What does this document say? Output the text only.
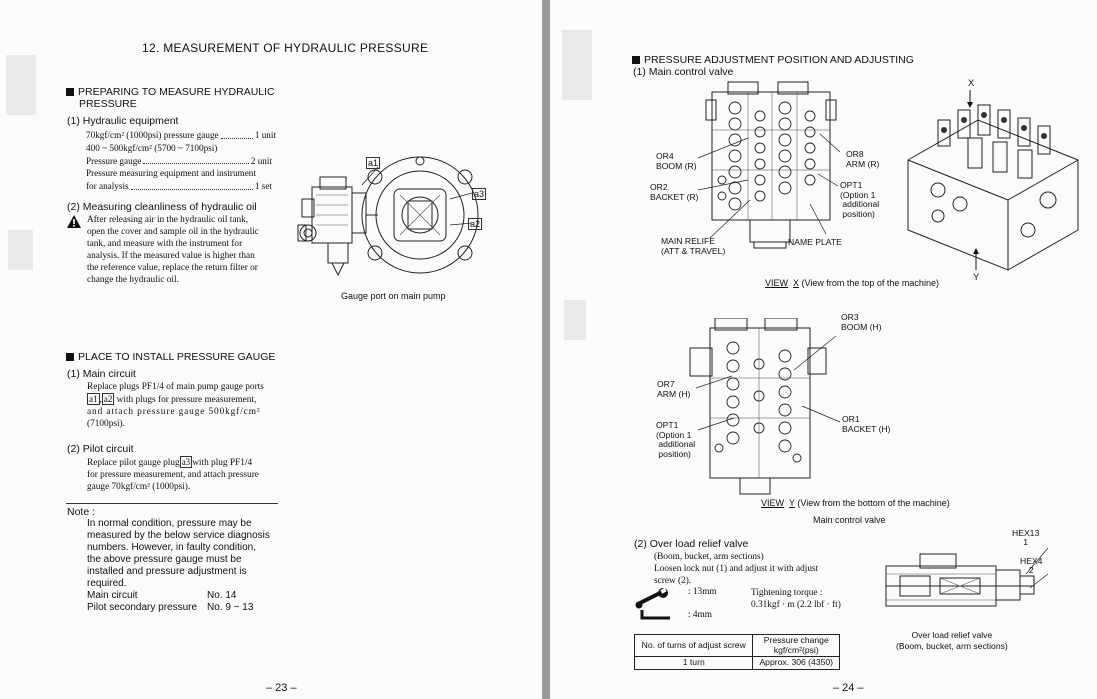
12. MEASUREMENT OF HYDRAULIC PRESSURE
PREPARING TO MEASURE HYDRAULIC
PRESSURE
(1) Hydraulic equipment
70kgf/cm² (1000psi) pressure gauge	1 unit
400 ~ 500kgf/cm² (5700 ~ 7100psi)
Pressure gauge	2 unit
Pressure measuring equipment and instrument
for analysis	1 set
(2) Measuring cleanliness of hydraulic oil
After releasing air in the hydraulic oil tank,
open the cover and sample oil in the hydraulic
tank, and measure with the instrument for
analysis. If the measured value is higher than
the reference value, replace the return filter or
change the hydraulic oil.
a1
a3
a2
Gauge port on main pump
PLACE TO INSTALL PRESSURE GAUGE
(1) Main circuit
Replace plugs PF1/4 of main pump gauge ports
a1 , a2 with plugs for pressure measurement,
and attach pressure gauge 500kgf/cm²
(7100psi).
(2) Pilot circuit
Replace pilot gauge plug a3 with plug PF1/4
for pressure measurement, and attach pressure
gauge 70kgf/cm² (1000psi).
Note :
In normal condition, pressure may be
measured by the below service diagnosis
numbers. However, in faulty condition,
the above pressure gauge must be
installed and pressure adjustment is
required.
Main circuit	No. 14
Pilot secondary pressure No. 9 ~ 13
– 23 –
PRESSURE ADJUSTMENT POSITION AND ADJUSTING
(1) Main control valve
OR4
BOOM (R)
OR2
BACKET (R)
OR8
ARM (R)
OPT1
(Option 1
additional
position)
MAIN RELIFE
(ATT & TRAVEL)
NAME PLATE
X
Y
VIEW X (View from the top of the machine)
OR3
BOOM (H)
OR7
ARM (H)
OPT1
(Option 1
additional
position)
OR1
BACKET (H)
VIEW Y (View from the bottom of the machine)
Main control valve
(2) Over load relief valve
(Boom, bucket, arm sections)
Loosen lock nut (1) and adjust it with adjust
screw (2).
: 13mm
: 4mm
Tightening torque :
0.31kgf · m (2.2 lbf · ft)
No. of turns of adjust screw	Pressure change
kgf/cm²(psi)
1 turn	Approx. 306 (4350)
HEX13
1
HEX4
2
Over load relief valve
(Boom, bucket, arm sections)
– 24 –
